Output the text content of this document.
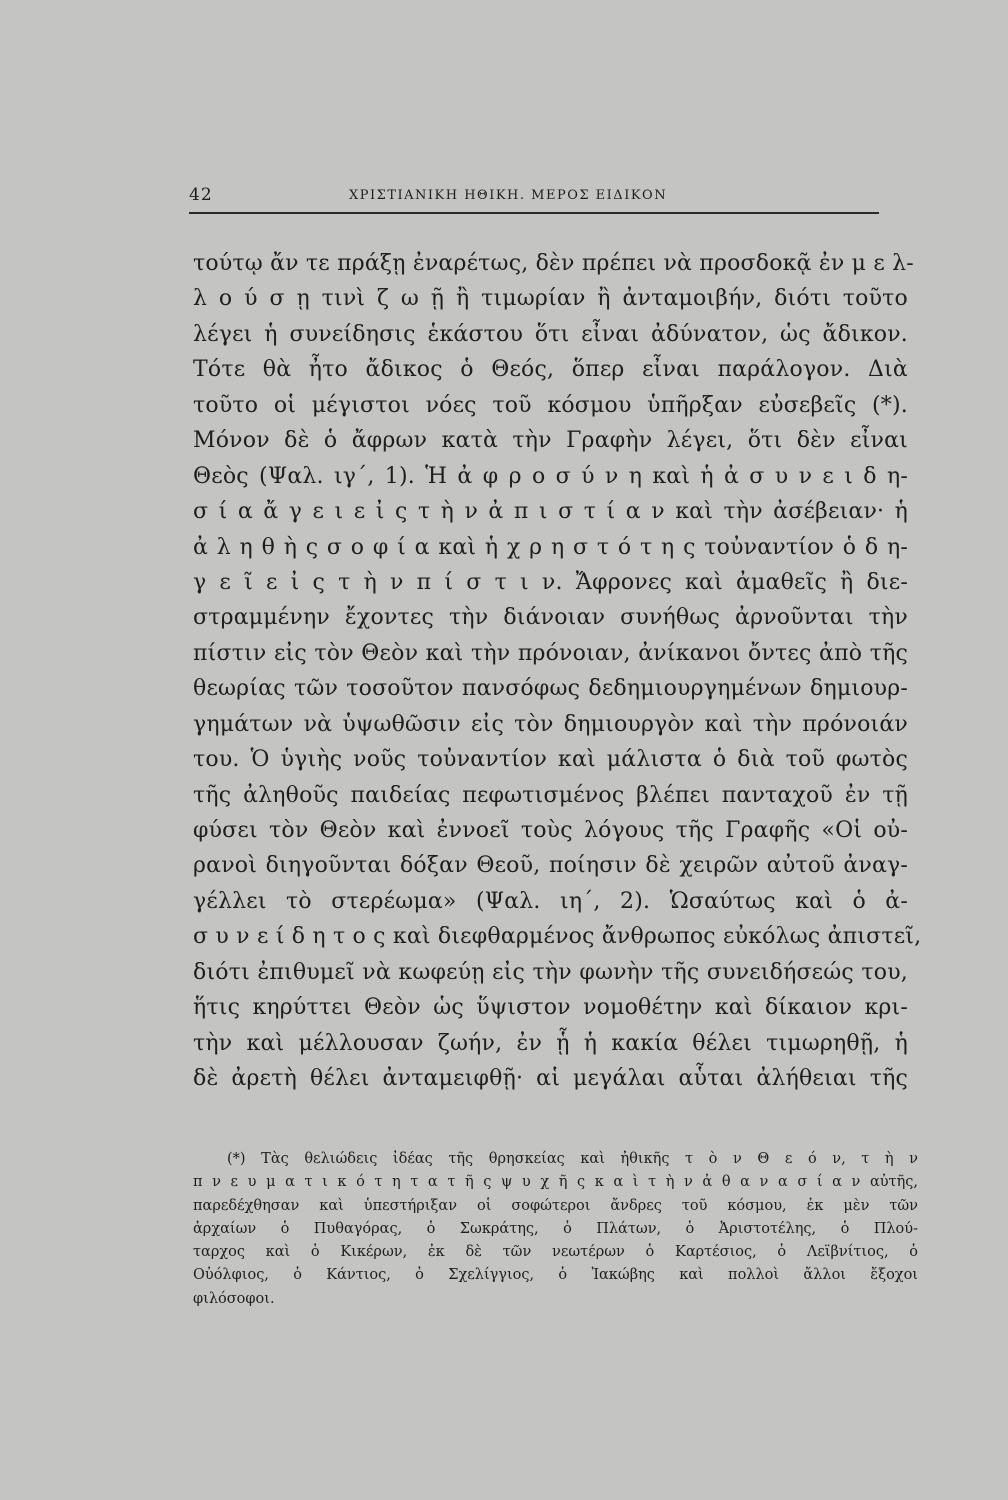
42	ΧΡΙΣΤΙΑΝΙΚΗ ΗΘΙΚΗ. ΜΕΡΟΣ ΕΙΔΙΚΟΝ
τούτῳ ἄν τε πράξῃ ἐναρέτως, δὲν πρέπει νὰ προσδοκᾷ ἐν μ ε λ-
λ ο ύ σ ῃ τινὶ ζ ω ῇ ἢ τιμωρίαν ἢ ἀνταμοιβήν, διότι τοῦτο
λέγει ἡ συνείδησις ἑκάστου ὅτι εἶναι ἀδύνατον, ὡς ἄδικον.
Τότε θὰ ἦτο ἄδικος ὁ Θεός, ὅπερ εἶναι παράλογον. Διὰ
τοῦτο οἱ μέγιστοι νόες τοῦ κόσμου ὑπῆρξαν εὐσεβεῖς (*).
Μόνον δὲ ὁ ἄφρων κατὰ τὴν Γραφὴν λέγει, ὅτι δὲν εἶναι
Θεὸς (Ψαλ. ιγ΄, 1). Ἡ ἀ φ ρ ο σ ύ ν η καὶ ἡ ἀ σ υ ν ε ι δ η-
σ ί α ἄ γ ε ι ε ἰ ς τ ὴ ν ἀ π ι σ τ ί α ν καὶ τὴν ἀσέβειαν· ἡ
ἀ λ η θ ὴ ς σ ο φ ί α καὶ ἡ χ ρ η σ τ ό τ η ς τοὐναντίον ὁ δ η-
γ ε ῖ ε ἰ ς τ ὴ ν π ί σ τ ι ν. Ἄφρονες καὶ ἀμαθεῖς ἢ διε-
στραμμένην ἔχοντες τὴν διάνοιαν συνήθως ἀρνοῦνται τὴν
πίστιν εἰς τὸν Θεὸν καὶ τὴν πρόνοιαν, ἀνίκανοι ὄντες ἀπὸ τῆς
θεωρίας τῶν τοσοῦτον πανσόφως δεδημιουργημένων δημιουρ-
γημάτων νὰ ὑψωθῶσιν εἰς τὸν δημιουργὸν καὶ τὴν πρόνοιάν
του. Ὁ ὑγιὴς νοῦς τοὐναντίον καὶ μάλιστα ὁ διὰ τοῦ φωτὸς
τῆς ἀληθοῦς παιδείας πεφωτισμένος βλέπει πανταχοῦ ἐν τῇ
φύσει τὸν Θεὸν καὶ ἐννοεῖ τοὺς λόγους τῆς Γραφῆς «Οἱ οὐ-
ρανοὶ διηγοῦνται δόξαν Θεοῦ, ποίησιν δὲ χειρῶν αὐτοῦ ἀναγ-
γέλλει τὸ στερέωμα» (Ψαλ. ιη΄, 2). Ὡσαύτως καὶ ὁ ἀ-
σ υ ν ε ί δ η τ ο ς καὶ διεφθαρμένος ἄνθρωπος εὐκόλως ἀπιστεῖ,
διότι ἐπιθυμεῖ νὰ κωφεύῃ εἰς τὴν φωνὴν τῆς συνειδήσεώς του,
ἥτις κηρύττει Θεὸν ὡς ὕψιστον νομοθέτην καὶ δίκαιον κρι-
τὴν καὶ μέλλουσαν ζωήν, ἐν ᾗ ἡ κακία θέλει τιμωρηθῇ, ἡ
δὲ ἀρετὴ θέλει ἀνταμειφθῇ· αἱ μεγάλαι αὗται ἀλήθειαι τῆς
(*) Τὰς θελιώδεις ἰδέας τῆς θρησκείας καὶ ἠθικῆς τ ὸ ν Θ ε ό ν, τ ὴ ν
π ν ε υ μ α τ ι κ ό τ η τ α τ ῆ ς ψ υ χ ῆ ς κ α ὶ τ ὴ ν ἀ θ α ν α σ ί α ν αὐτῆς,
παρεδέχθησαν καὶ ὑπεστήριξαν οἱ σοφώτεροι ἄνδρες τοῦ κόσμου, ἐκ μὲν τῶν
ἀρχαίων ὁ Πυθαγόρας, ὁ Σωκράτης, ὁ Πλάτων, ὁ Ἀριστοτέλης, ὁ Πλού-
ταρχος καὶ ὁ Κικέρων, ἐκ δὲ τῶν νεωτέρων ὁ Καρτέσιος, ὁ Λεϊβνίτιος, ὁ
Οὐόλφιος, ὁ Κάντιος, ὁ Σχελίγγιος, ὁ Ἰακώβης καὶ πολλοὶ ἄλλοι ἔξοχοι
φιλόσοφοι.
